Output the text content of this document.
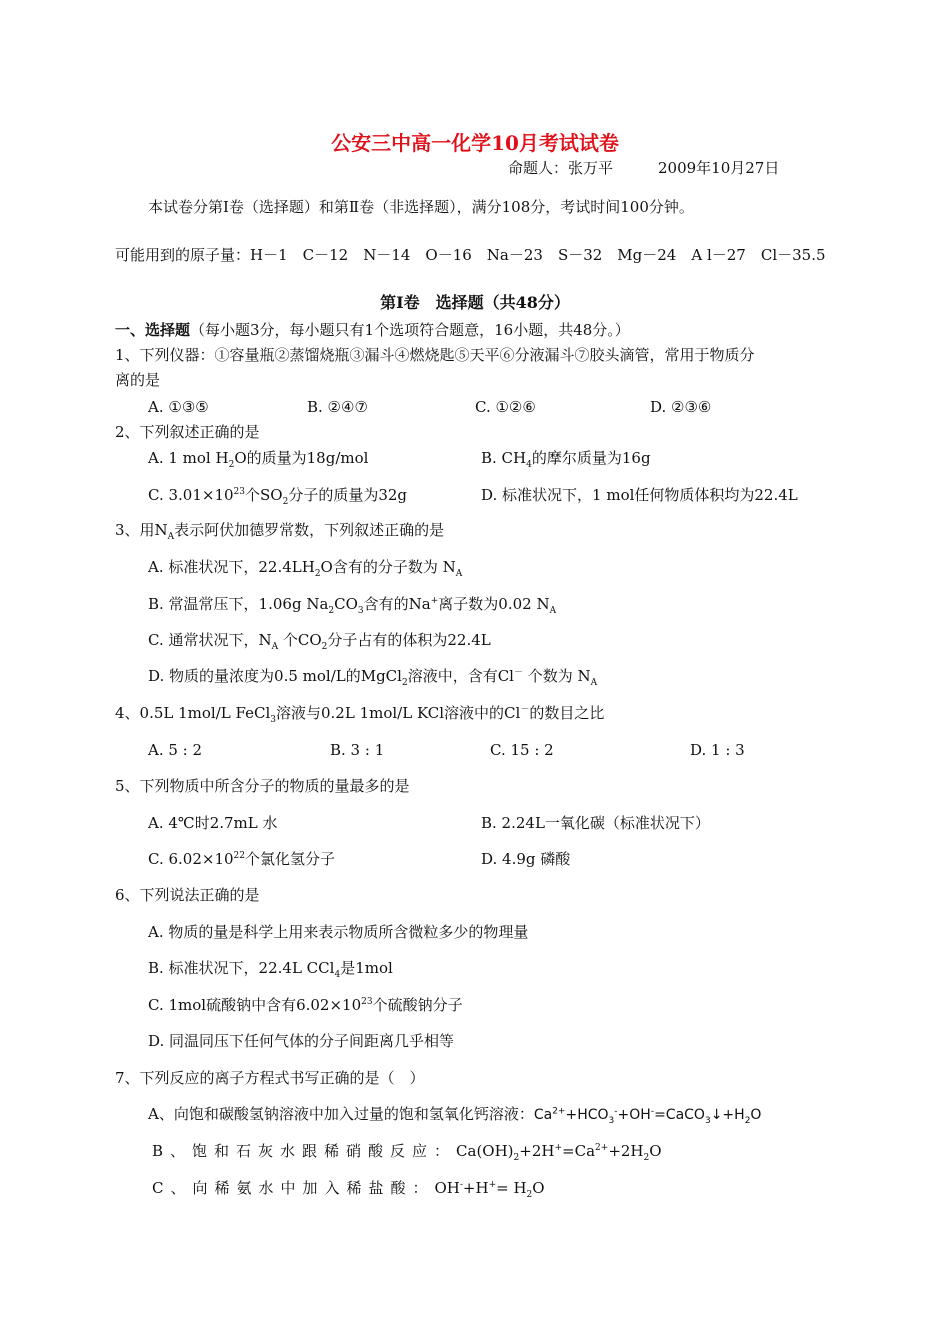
公安三中高一化学10月考试试卷
命题人：张万平　　　2009年10月27日
本试卷分第Ⅰ卷（选择题）和第Ⅱ卷（非选择题），满分108分，考试时间100分钟。
可能用到的原子量：H－1　C－12　N－14　O－16　Na－23　S－32　Mg－24　A l－27　Cl－35.5
第Ⅰ卷　选择题（共48分）
一、选择题（每小题3分，每小题只有1个选项符合题意，16小题，共48分。）
1、下列仪器：①容量瓶②蒸馏烧瓶③漏斗④燃烧匙⑤天平⑥分液漏斗⑦胶头滴管，常用于物质分
离的是
A. ①③⑤	B. ②④⑦	C. ①②⑥	D. ②③⑥
2、下列叙述正确的是
A. 1 mol $H_2O$的质量为18g/mol	B. $CH_4$的摩尔质量为16g
C. $3.01\times 10^{23}$个$SO_2$分子的质量为32g	D. 标准状况下，1 mol任何物质体积均为22.4L
3、用$N_A$表示阿伏加德罗常数，下列叙述正确的是
A. 标准状况下，$22.4LH_2O$含有的分子数为 $N_A$
B. 常温常压下，1.06g $Na_2CO_3$含有的Na+离子数为0.02 $N_A$
C. 通常状况下，$N_A$ 个$CO_2$分子占有的体积为22.4L
D. 物质的量浓度为0.5 mol/L的MgCl$_2$溶液中，含有Cl－ 个数为 $N_A$
4、0.5L 1mol/L FeCl$_3$溶液与0.2L 1mol/L KCl溶液中的Cl－的数目之比
A. 5 : 2	B. 3 : 1	C. 15 : 2	D. 1 : 3
5、下列物质中所含分子的物质的量最多的是
A. 4℃时2.7mL 水	B. 2.24L一氧化碳（标准状况下）
C. $6.02\times 10^{22}$个氯化氢分子	D. 4.9g 磷酸
6、下列说法正确的是
A. 物质的量是科学上用来表示物质所含微粒多少的物理量
B. 标准状况下，22.4L CCl$_4$是1mol
C. 1mol硫酸钠中含有$6.02\times 10^{23}$个硫酸钠分子
D. 同温同压下任何气体的分子间距离几乎相等
7、下列反应的离子方程式书写正确的是（　）
A、向饱和碳酸氢钠溶液中加入过量的饱和氢氧化钙溶液：$Ca^{2+}+HCO_3^-+OH^-=CaCO_3↓+H_2O$
B、饱和石灰水跟稀硝酸反应：$Ca(OH)_2+2H^+=Ca^{2+}+2H_2O$
C、向稀氨水中加入稀盐酸：$OH^-+H^+= H_2O$
